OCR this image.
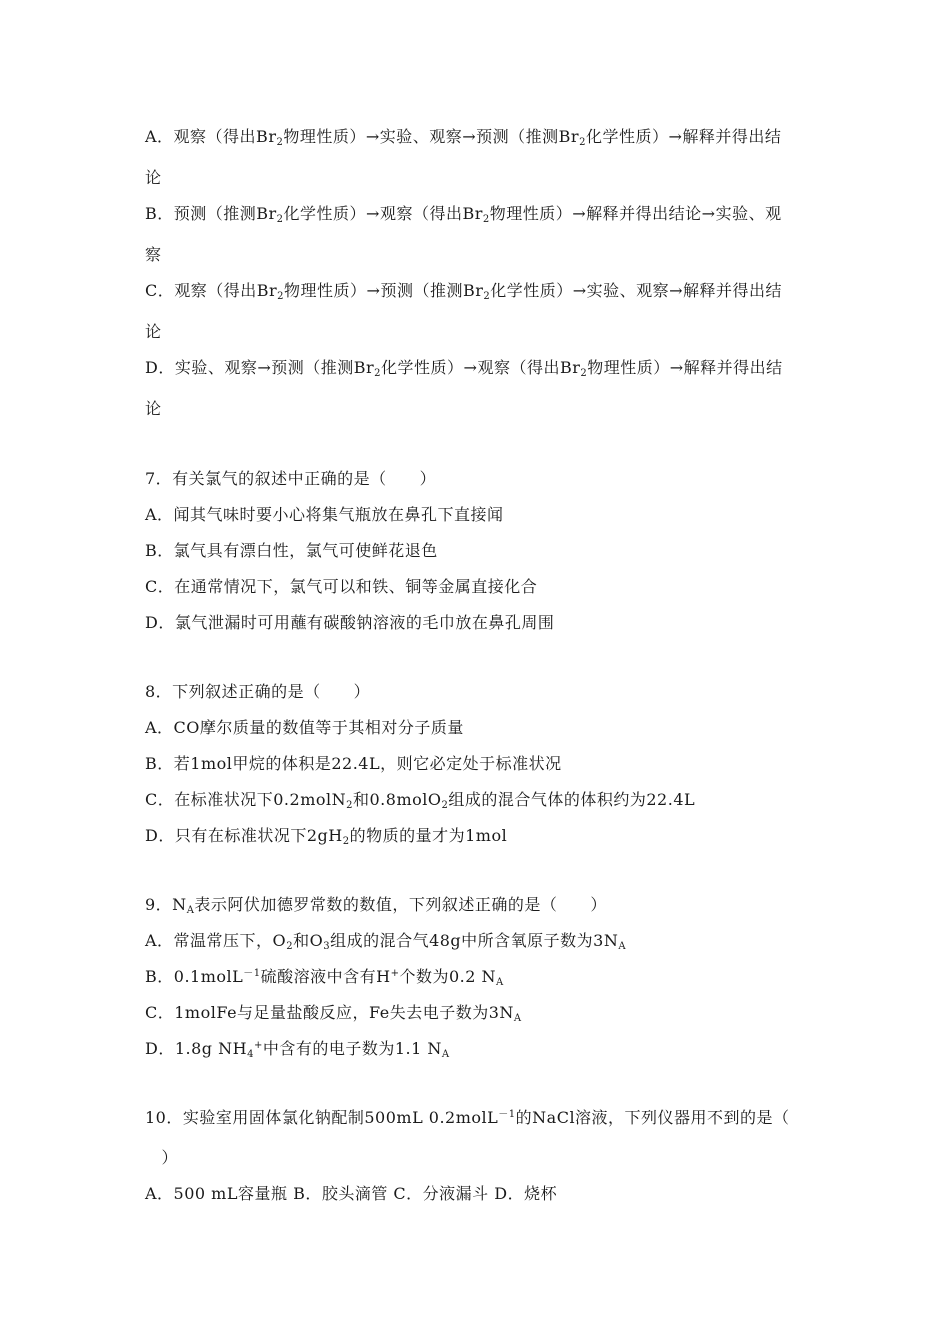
A．观察（得出$Br_2$物理性质）→实验、观察→预测（推测$Br_2$化学性质）→解释并得出结
论
B．预测（推测$Br_2$化学性质）→观察（得出$Br_2$物理性质）→解释并得出结论→实验、观
察
C．观察（得出$Br_2$物理性质）→预测（推测$Br_2$化学性质）→实验、观察→解释并得出结
论
D．实验、观察→预测（推测$Br_2$化学性质）→观察（得出$Br_2$物理性质）→解释并得出结
论
7．有关氯气的叙述中正确的是（　　）
A．闻其气味时要小心将集气瓶放在鼻孔下直接闻
B．氯气具有漂白性，氯气可使鲜花退色
C．在通常情况下，氯气可以和铁、铜等金属直接化合
D．氯气泄漏时可用蘸有碳酸钠溶液的毛巾放在鼻孔周围
8．下列叙述正确的是（　　）
A．CO摩尔质量的数值等于其相对分子质量
B．若1mol甲烷的体积是22.4L，则它必定处于标准状况
C．在标准状况下0.2molN$_2$和0.8molO$_2$组成的混合气体的体积约为22.4L
D．只有在标准状况下$2gH_2$的物质的量才为1mol
9．$N_A$表示阿伏加德罗常数的数值，下列叙述正确的是（　　）
A．常温常压下，$O_2$和$O_3$组成的混合气48g中所含氧原子数为$3N_A$
B．0.1molL$^{-1}$硫酸溶液中含有H+个数为0.2 $N_A$
C．1molFe与足量盐酸反应，Fe失去电子数为$3N_A$
D．1.8g $NH_4^+$中含有的电子数为1.1 $N_A$
10．实验室用固体氯化钠配制500mL 0.2molL$^{-1}$的NaCl溶液，下列仪器用不到的是（
　）
A．500 mL容量瓶 B．胶头滴管 C．分液漏斗 D．烧杯
